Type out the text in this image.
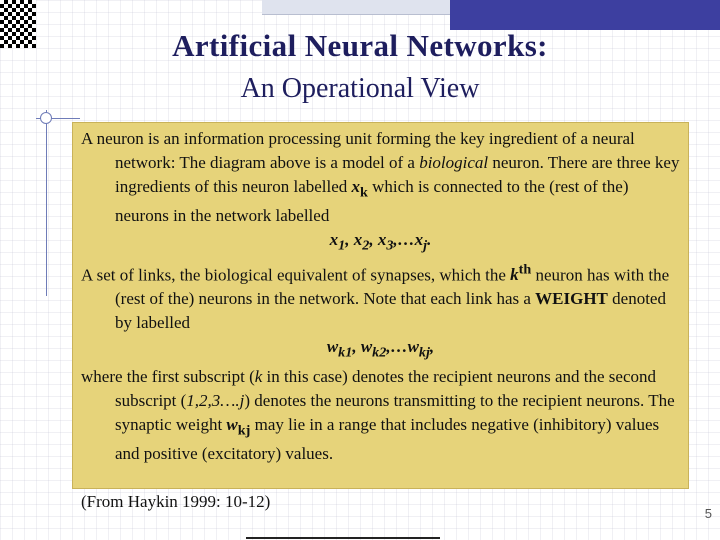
Artificial Neural Networks:
An Operational View

A neuron is an information processing unit forming the key ingredient of a neural network: The diagram above is a model of a biological neuron. There are three key ingredients of this neuron labelled $x_k$ which is connected to the (rest of the) neurons in the network labelled

$x_1$, $x_2$, $x_3,\dots x_j$.

A set of links, the biological equivalent of synapses, which the $k^{th}$ neuron has with the (rest of the) neurons in the network. Note that each link has a WEIGHT denoted by labelled

$w_{k1}$, $w_{k2},\dots w_{kj}$,

where the first subscript (k in this case) denotes the recipient neurons and the second subscript (1,2,3….j) denotes the neurons transmitting to the recipient neurons. The synaptic weight $w_{kj}$ may lie in a range that includes negative (inhibitory) values and positive (excitatory) values.

(From Haykin 1999: 10-12)

5
